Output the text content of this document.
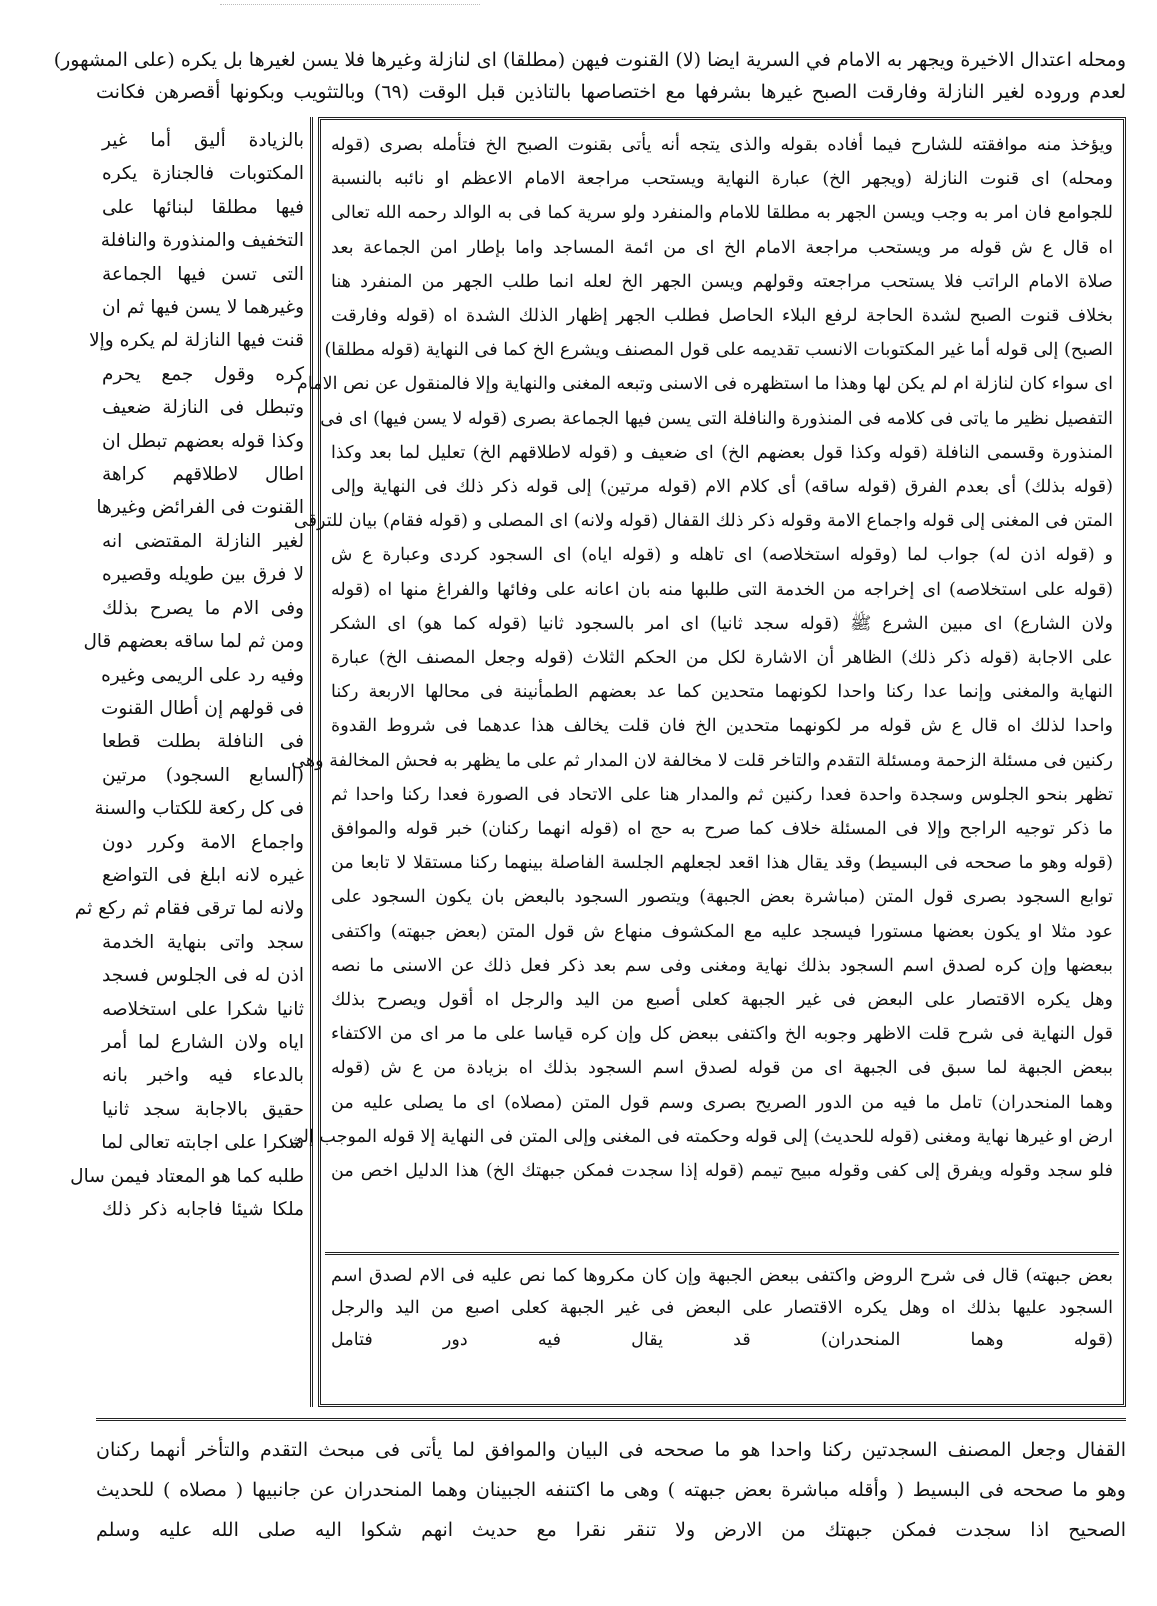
ومحله اعتدال الاخيرة ويجهر به الامام في السرية ايضا (لا) القنوت فيهن (مطلقا) اى لنازلة وغيرها فلا يسن لغيرها بل يكره (على المشهور)
لعدم وروده لغير النازلة وفارقت الصبح غيرها بشرفها مع اختصاصها بالتاذين قبل الوقت (٦٩) وبالتثويب وبكونها أقصرهن فكانت
بالزيادة أليق أما غير
المكتوبات فالجنازة يكره
فيها مطلقا لبنائها على
التخفيف والمنذورة والنافلة
التى تسن فيها الجماعة
وغيرهما لا يسن فيها ثم ان
قنت فيها النازلة لم يكره وإلا
كره وقول جمع يحرم
وتبطل فى النازلة ضعيف
وكذا قوله بعضهم تبطل ان
اطال لاطلاقهم كراهة
القنوت فى الفرائض وغيرها
لغير النازلة المقتضى انه
لا فرق بين طويله وقصيره
وفى الام ما يصرح بذلك
ومن ثم لما ساقه بعضهم قال
وفيه رد على الريمى وغيره
فى قولهم إن أطال القنوت
فى النافلة بطلت قطعا
(السابع السجود) مرتين
فى كل ركعة للكتاب والسنة
واجماع الامة وكرر دون
غيره لانه ابلغ فى التواضع
ولانه لما ترقى فقام ثم ركع ثم
سجد واتى بنهاية الخدمة
اذن له فى الجلوس فسجد
ثانيا شكرا على استخلاصه
اياه ولان الشارع لما أمر
بالدعاء فيه واخبر بانه
حقيق بالاجابة سجد ثانيا
شكرا على اجابته تعالى لما
طلبه كما هو المعتاد فيمن سال
ملكا شيئا فاجابه ذكر ذلك
ويؤخذ منه موافقته للشارح فيما أفاده بقوله والذى يتجه أنه يأتى بقنوت الصبح الخ فتأمله بصرى (قوله
ومحله) اى قنوت النازلة (ويجهر الخ) عبارة النهاية ويستحب مراجعة الامام الاعظم او نائبه بالنسبة
للجوامع فان امر به وجب ويسن الجهر به مطلقا للامام والمنفرد ولو سرية كما فى به الوالد رحمه الله تعالى
اه قال ع ش قوله مر ويستحب مراجعة الامام الخ اى من ائمة المساجد واما بإطار امن الجماعة بعد
صلاة الامام الراتب فلا يستحب مراجعته وقولهم ويسن الجهر الخ لعله انما طلب الجهر من المنفرد هنا
بخلاف قنوت الصبح لشدة الحاجة لرفع البلاء الحاصل فطلب الجهر إظهار الذلك الشدة اه (قوله وفارقت
الصبح) إلى قوله أما غير المكتوبات الانسب تقديمه على قول المصنف ويشرع الخ كما فى النهاية (قوله مطلقا)
اى سواء كان لنازلة ام لم يكن لها وهذا ما استظهره فى الاسنى وتبعه المغنى والنهاية وإلا فالمنقول عن نص الامام
التفصيل نظير ما ياتى فى كلامه فى المنذورة والنافلة التى يسن فيها الجماعة بصرى (قوله لا يسن فيها) اى فى
المنذورة وقسمى النافلة (قوله وكذا قول بعضهم الخ) اى ضعيف و (قوله لاطلاقهم الخ) تعليل لما بعد وكذا
(قوله بذلك) أى بعدم الفرق (قوله ساقه) أى كلام الام (قوله مرتين) إلى قوله ذكر ذلك فى النهاية وإلى
المتن فى المغنى إلى قوله واجماع الامة وقوله ذكر ذلك القفال (قوله ولانه) اى المصلى و (قوله فقام) بيان للترقى
و (قوله اذن له) جواب لما (وقوله استخلاصه) اى تاهله و (قوله اياه) اى السجود كردى وعبارة ع ش
(قوله على استخلاصه) اى إخراجه من الخدمة التى طلبها منه بان اعانه على وفائها والفراغ منها اه (قوله
ولان الشارع) اى مبين الشرع ﷺ (قوله سجد ثانيا) اى امر بالسجود ثانيا (قوله كما هو) اى الشكر
على الاجابة (قوله ذكر ذلك) الظاهر أن الاشارة لكل من الحكم الثلاث (قوله وجعل المصنف الخ) عبارة
النهاية والمغنى وإنما عدا ركنا واحدا لكونهما متحدين كما عد بعضهم الطمأنينة فى محالها الاربعة ركنا
واحدا لذلك اه قال ع ش قوله مر لكونهما متحدين الخ فان قلت يخالف هذا عدهما فى شروط القدوة
ركنين فى مسئلة الزحمة ومسئلة التقدم والتاخر قلت لا مخالفة لان المدار ثم على ما يظهر به فحش المخالفة وهى
تظهر بنحو الجلوس وسجدة واحدة فعدا ركنين ثم والمدار هنا على الاتحاد فى الصورة فعدا ركنا واحدا ثم
ما ذكر توجيه الراجح وإلا فى المسئلة خلاف كما صرح به حج اه (قوله انهما ركنان) خبر قوله والموافق
(قوله وهو ما صححه فى البسيط) وقد يقال هذا اقعد لجعلهم الجلسة الفاصلة بينهما ركنا مستقلا لا تابعا من
توابع السجود بصرى قول المتن (مباشرة بعض الجبهة) ويتصور السجود بالبعض بان يكون السجود على
عود مثلا او يكون بعضها مستورا فيسجد عليه مع المكشوف منهاع ش قول المتن (بعض جبهته) واكتفى
ببعضها وإن كره لصدق اسم السجود بذلك نهاية ومغنى وفى سم بعد ذكر فعل ذلك عن الاسنى ما نصه
وهل يكره الاقتصار على البعض فى غير الجبهة كعلى أصبع من اليد والرجل اه أقول ويصرح بذلك
قول النهاية فى شرح قلت الاظهر وجوبه الخ واكتفى ببعض كل وإن كره قياسا على ما مر اى من الاكتفاء
ببعض الجبهة لما سبق فى الجبهة اى من قوله لصدق اسم السجود بذلك اه بزيادة من ع ش (قوله
وهما المنحدران) تامل ما فيه من الدور الصريح بصرى وسم قول المتن (مصلاه) اى ما يصلى عليه من
ارض او غيرها نهاية ومغنى (قوله للحديث) إلى قوله وحكمته فى المغنى وإلى المتن فى النهاية إلا قوله الموجب إلى
فلو سجد وقوله ويفرق إلى كفى وقوله مبيح تيمم (قوله إذا سجدت فمكن جبهتك الخ) هذا الدليل اخص من
بعض جبهته) قال فى شرح الروض واكتفى ببعض الجبهة وإن كان مكروها كما نص عليه فى الام لصدق اسم
السجود عليها بذلك اه وهل يكره الاقتصار على البعض فى غير الجبهة كعلى اصبع من اليد والرجل
(قوله وهما المنحدران) قد يقال فيه دور فتامل
القفال وجعل المصنف السجدتين ركنا واحدا هو ما صححه فى البيان والموافق لما يأتى فى مبحث التقدم والتأخر أنهما ركنان
وهو ما صححه فى البسيط ( وأقله مباشرة بعض جبهته ) وهى ما اكتنفه الجبينان وهما المنحدران عن جانبيها ( مصلاه ) للحديث
الصحيح اذا سجدت فمكن جبهتك من الارض ولا تنقر نقرا مع حديث انهم شكوا اليه صلى الله عليه وسلم
